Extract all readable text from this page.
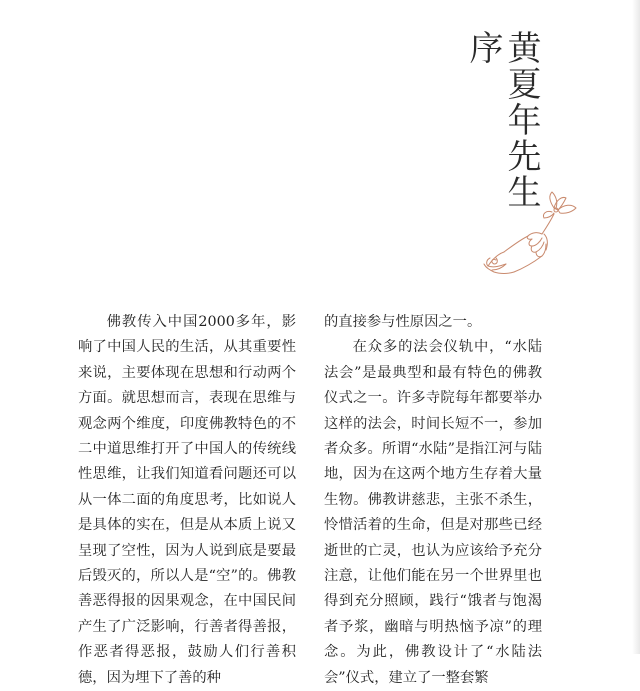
黄夏年先生
序

佛教传入中国2000多年，影响了中国人民的生活，从其重要性来说，主要体现在思想和行动两个方面。就思想而言，表现在思维与观念两个维度，印度佛教特色的不二中道思维打开了中国人的传统线性思维，让我们知道看问题还可以从一体二面的角度思考，比如说人是具体的实在，但是从本质上说又呈现了空性，因为人说到底是要最后毁灭的，所以人是“空”的。佛教善恶得报的因果观念，在中国民间产生了广泛影响，行善者得善报，作恶者得恶报，鼓励人们行善积德，因为埋下了善的种

的直接参与性原因之一。

在众多的法会仪轨中，“水陆法会”是最典型和最有特色的佛教仪式之一。许多寺院每年都要举办这样的法会，时间长短不一，参加者众多。所谓“水陆”是指江河与陆地，因为在这两个地方生存着大量生物。佛教讲慈悲，主张不杀生，怜惜活着的生命，但是对那些已经逝世的亡灵，也认为应该给予充分注意，让他们能在另一个世界里也得到充分照顾，践行“饿者与饱渴者予浆，幽暗与明热恼予凉”的理念。为此，佛教设计了“水陆法会”仪式，建立了一整套繁
